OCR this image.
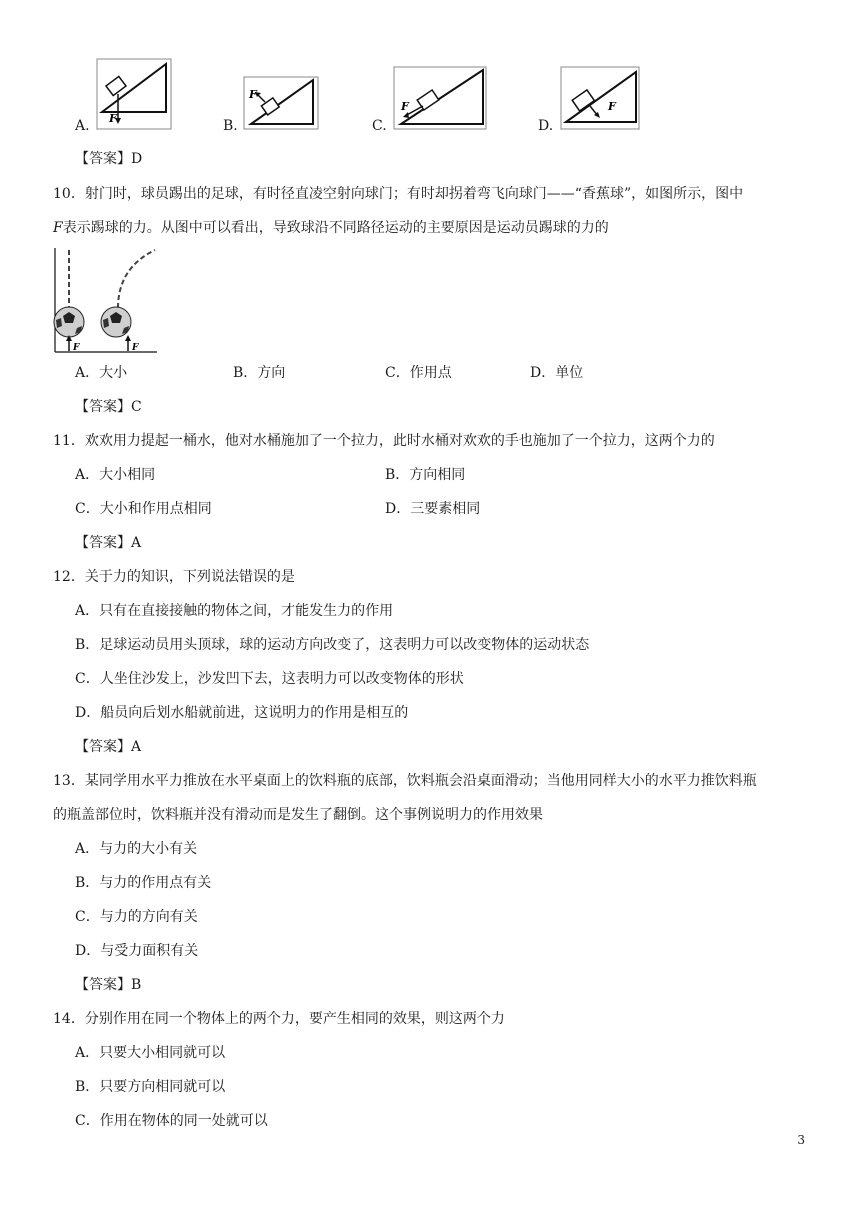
A. F	B.
F
C.
F
D.
F
【答案】D
10．射门时，球员踢出的足球，有时径直凌空射向球门；有时却拐着弯飞向球门——“香蕉球”，如图所示，图中
F表示踢球的力。从图中可以看出，导致球沿不同路径运动的主要原因是运动员踢球的力的
F	F
A．大小	B．方向	C．作用点	D．单位
【答案】C
11．欢欢用力提起一桶水，他对水桶施加了一个拉力，此时水桶对欢欢的手也施加了一个拉力，这两个力的
A．大小相同	B．方向相同
C．大小和作用点相同	D．三要素相同
【答案】A
12．关于力的知识，下列说法错误的是
A．只有在直接接触的物体之间，才能发生力的作用
B．足球运动员用头顶球，球的运动方向改变了，这表明力可以改变物体的运动状态
C．人坐住沙发上，沙发凹下去，这表明力可以改变物体的形状
D．船员向后划水船就前进，这说明力的作用是相互的
【答案】A
13．某同学用水平力推放在水平桌面上的饮料瓶的底部，饮料瓶会沿桌面滑动；当他用同样大小的水平力推饮料瓶
的瓶盖部位时，饮料瓶并没有滑动而是发生了翻倒。这个事例说明力的作用效果
A．与力的大小有关
B．与力的作用点有关
C．与力的方向有关
D．与受力面积有关
【答案】B
14．分别作用在同一个物体上的两个力，要产生相同的效果，则这两个力
A．只要大小相同就可以
B．只要方向相同就可以
C．作用在物体的同一处就可以
3
